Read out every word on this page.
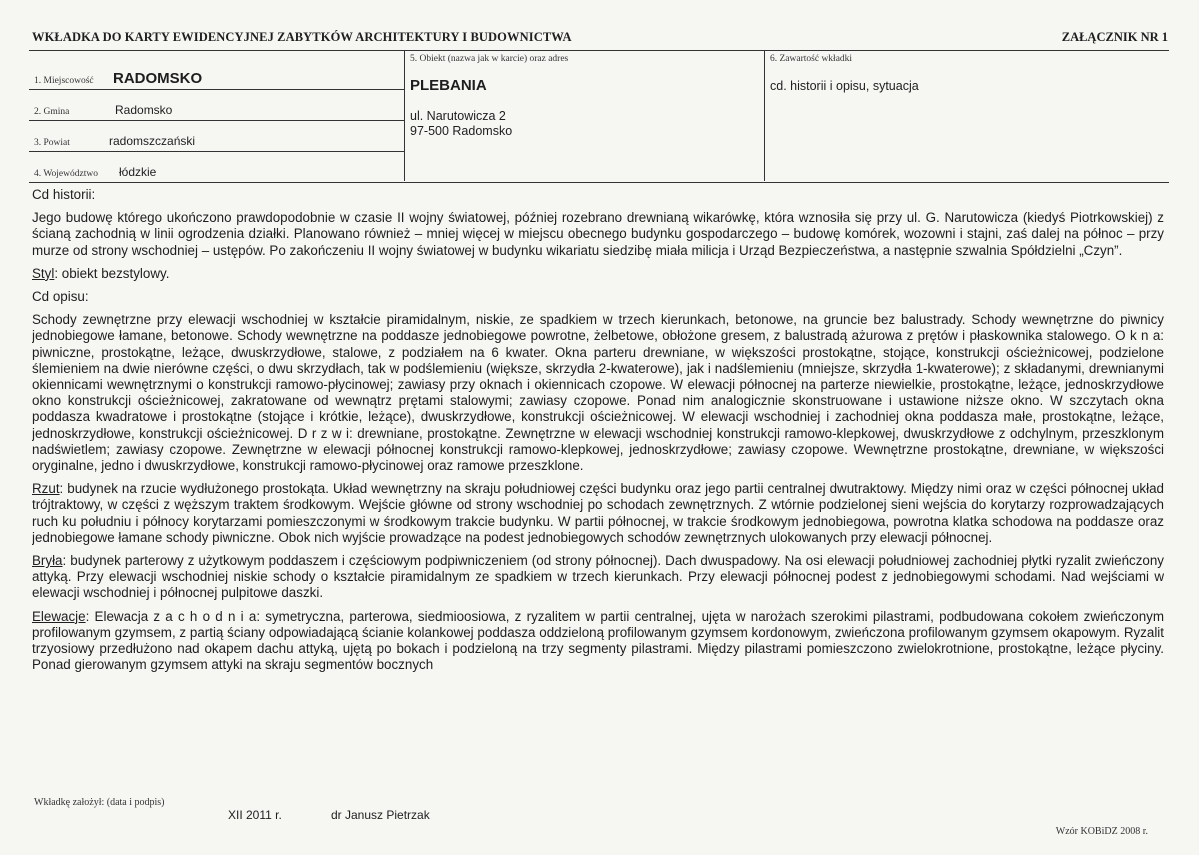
WKŁADKA DO KARTY EWIDENCYJNEJ ZABYTKÓW ARCHITEKTURY I BUDOWNICTWA	ZAŁĄCZNIK NR 1
1. Miejscowość RADOMSKO
2. Gmina	Radomsko
3. Powiat	radomszczański
4. Województwo łódzkie
5. Obiekt (nazwa jak w karcie) oraz adres
PLEBANIA
ul. Narutowicza 2
97-500 Radomsko
6. Zawartość wkładki
cd. historii i opisu, sytuacja

Cd historii:

Jego budowę którego ukończono prawdopodobnie w czasie II wojny światowej, później rozebrano drewnianą wikarówkę, która wznosiła się przy ul. G. Narutowicza (kiedyś Piotrkowskiej) z ścianą zachodnią w linii ogrodzenia działki. Planowano również – mniej więcej w miejscu obecnego budynku gospodarczego – budowę komórek, wozowni i stajni, zaś dalej na północ – przy murze od strony wschodniej – ustępów. Po zakończeniu II wojny światowej w budynku wikariatu siedzibę miała milicja i Urząd Bezpieczeństwa, a następnie szwalnia Spółdzielni „Czyn”.

Styl: obiekt bezstylowy.

Cd opisu:

Schody zewnętrzne przy elewacji wschodniej w kształcie piramidalnym, niskie, ze spadkiem w trzech kierunkach, betonowe, na gruncie bez balustrady. Schody wewnętrzne do piwnicy jednobiegowe łamane, betonowe. Schody wewnętrzne na poddasze jednobiegowe powrotne, żelbetowe, obłożone gresem, z balustradą ażurowa z prętów i płaskownika stalowego. O k n a: piwniczne, prostokątne, leżące, dwuskrzydłowe, stalowe, z podziałem na 6 kwater. Okna parteru drewniane, w większości prostokątne, stojące, konstrukcji ościeżnicowej, podzielone ślemieniem na dwie nierówne części, o dwu skrzydłach, tak w podślemieniu (większe, skrzydła 2-kwaterowe), jak i nadślemieniu (mniejsze, skrzydła 1-kwaterowe); z składanymi, drewnianymi okiennicami wewnętrznymi o konstrukcji ramowo-płycinowej; zawiasy przy oknach i okiennicach czopowe. W elewacji północnej na parterze niewielkie, prostokątne, leżące, jednoskrzydłowe okno konstrukcji ościeżnicowej, zakratowane od wewnątrz prętami stalowymi; zawiasy czopowe. Ponad nim analogicznie skonstruowane i ustawione niższe okno. W szczytach okna poddasza kwadratowe i prostokątne (stojące i krótkie, leżące), dwuskrzydłowe, konstrukcji ościeżnicowej. W elewacji wschodniej i zachodniej okna poddasza małe, prostokątne, leżące, jednoskrzydłowe, konstrukcji ościeżnicowej. D r z w i: drewniane, prostokątne. Zewnętrzne w elewacji wschodniej konstrukcji ramowo-klepkowej, dwuskrzydłowe z odchylnym, przeszklonym nadświetlem; zawiasy czopowe. Zewnętrzne w elewacji północnej konstrukcji ramowo-klepkowej, jednoskrzydłowe; zawiasy czopowe. Wewnętrzne prostokątne, drewniane, w większości oryginalne, jedno i dwuskrzydłowe, konstrukcji ramowo-płycinowej oraz ramowe przeszklone.

Rzut: budynek na rzucie wydłużonego prostokąta. Układ wewnętrzny na skraju południowej części budynku oraz jego partii centralnej dwutraktowy. Między nimi oraz w części północnej układ trójtraktowy, w części z węższym traktem środkowym. Wejście główne od strony wschodniej po schodach zewnętrznych. Z wtórnie podzielonej sieni wejścia do korytarzy rozprowadzających ruch ku południu i północy korytarzami pomieszczonymi w środkowym trakcie budynku. W partii północnej, w trakcie środkowym jednobiegowa, powrotna klatka schodowa na poddasze oraz jednobiegowe łamane schody piwniczne. Obok nich wyjście prowadzące na podest jednobiegowych schodów zewnętrznych ulokowanych przy elewacji północnej.

Bryła: budynek parterowy z użytkowym poddaszem i częściowym podpiwniczeniem (od strony północnej). Dach dwuspadowy. Na osi elewacji południowej zachodniej płytki ryzalit zwieńczony attyką. Przy elewacji wschodniej niskie schody o kształcie piramidalnym ze spadkiem w trzech kierunkach. Przy elewacji północnej podest z jednobiegowymi schodami. Nad wejściami w elewacji wschodniej i północnej pulpitowe daszki.

Elewacje: Elewacja z a c h o d n i a: symetryczna, parterowa, siedmioosiowa, z ryzalitem w partii centralnej, ujęta w narożach szerokimi pilastrami, podbudowana cokołem zwieńczonym profilowanym gzymsem, z partią ściany odpowiadającą ścianie kolankowej poddasza oddzieloną profilowanym gzymsem kordonowym, zwieńczona profilowanym gzymsem okapowym. Ryzalit trzyosiowy przedłużono nad okapem dachu attyką, ujętą po bokach i podzieloną na trzy segmenty pilastrami. Między pilastrami pomieszczono zwielokrotnione, prostokątne, leżące płyciny. Ponad gierowanym gzymsem attyki na skraju segmentów bocznych

Wkładkę założył: (data i podpis)
XII 2011 r.	dr Janusz Pietrzak
Wzór KOBiDZ 2008 r.
